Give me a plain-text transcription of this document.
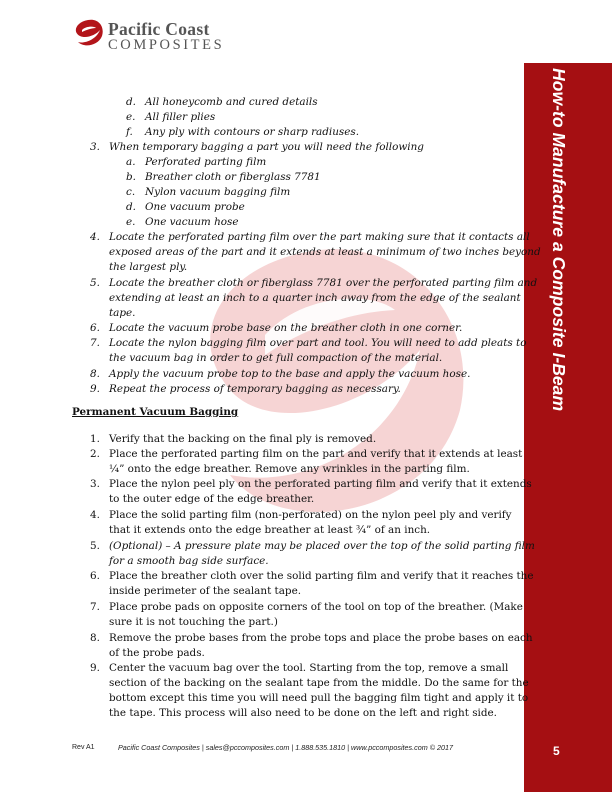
Pacific Coast
COMPOSITES
How-to Manufacture a Composite I-Beam
5
d. All honeycomb and cured details
e. All filler plies
f.	Any ply with contours or sharp radiuses.
3. When temporary bagging a part you will need the following
a. Perforated parting film
b. Breather cloth or fiberglass 7781
c. Nylon vacuum bagging film
d. One vacuum probe
e. One vacuum hose
4. Locate the perforated parting film over the part making sure that it contacts all
exposed areas of the part and it extends at least a minimum of two inches beyond
the largest ply.
5. Locate the breather cloth or fiberglass 7781 over the perforated parting film and
extending at least an inch to a quarter inch away from the edge of the sealant
tape.
6. Locate the vacuum probe base on the breather cloth in one corner.
7. Locate the nylon bagging film over part and tool. You will need to add pleats to
the vacuum bag in order to get full compaction of the material.
8. Apply the vacuum probe top to the base and apply the vacuum hose.
9. Repeat the process of temporary bagging as necessary.
Permanent Vacuum Bagging
1. Verify that the backing on the final ply is removed.
2. Place the perforated parting film on the part and verify that it extends at least
¼” onto the edge breather. Remove any wrinkles in the parting film.
3. Place the nylon peel ply on the perforated parting film and verify that it extends
to the outer edge of the edge breather.
4. Place the solid parting film (non-perforated) on the nylon peel ply and verify
that it extends onto the edge breather at least ¾” of an inch.
5. (Optional) – A pressure plate may be placed over the top of the solid parting film
for a smooth bag side surface.
6. Place the breather cloth over the solid parting film and verify that it reaches the
inside perimeter of the sealant tape.
7. Place probe pads on opposite corners of the tool on top of the breather. (Make
sure it is not touching the part.)
8. Remove the probe bases from the probe tops and place the probe bases on each
of the probe pads.
9. Center the vacuum bag over the tool. Starting from the top, remove a small
section of the backing on the sealant tape from the middle. Do the same for the
bottom except this time you will need pull the bagging film tight and apply it to
the tape. This process will also need to be done on the left and right side.
Rev A1	Pacific Coast Composites | sales@pccomposites.com | 1.888.535.1810 | www.pccomposites.com © 2017
